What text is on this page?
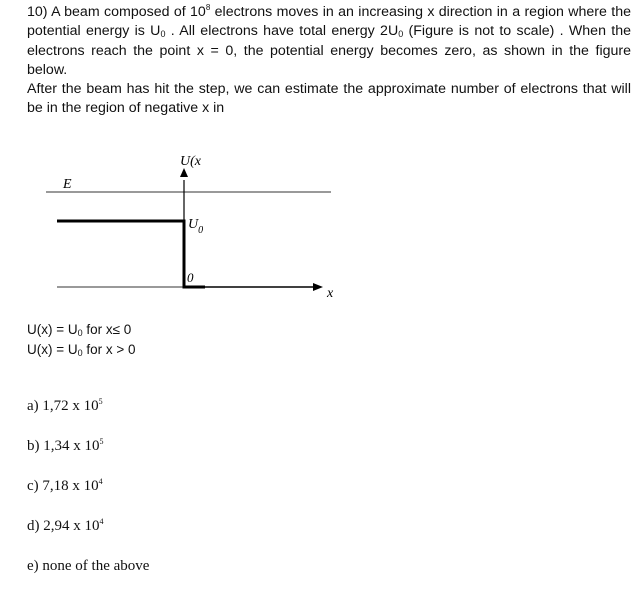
10) A beam composed of $10^8$ electrons moves in an increasing x direction in a region where the potential energy is $U_0$ . All electrons have total energy $2U_0$ (Figure is not to scale) . When the electrons reach the point x = 0, the potential energy becomes zero, as shown in the figure below.

After the beam has hit the step, we can estimate the approximate number of electrons that will be in the region of negative x in

U(x
E
$U_0$
0
x
$U(x) = U_0$ for x≤ 0
$U(x) = U_0$ for x > 0
a) 1,72 x $10^5$
b) 1,34 x $10^5$
c) 7,18 x $10^4$
d) 2,94 x $10^4$
e) none of the above
